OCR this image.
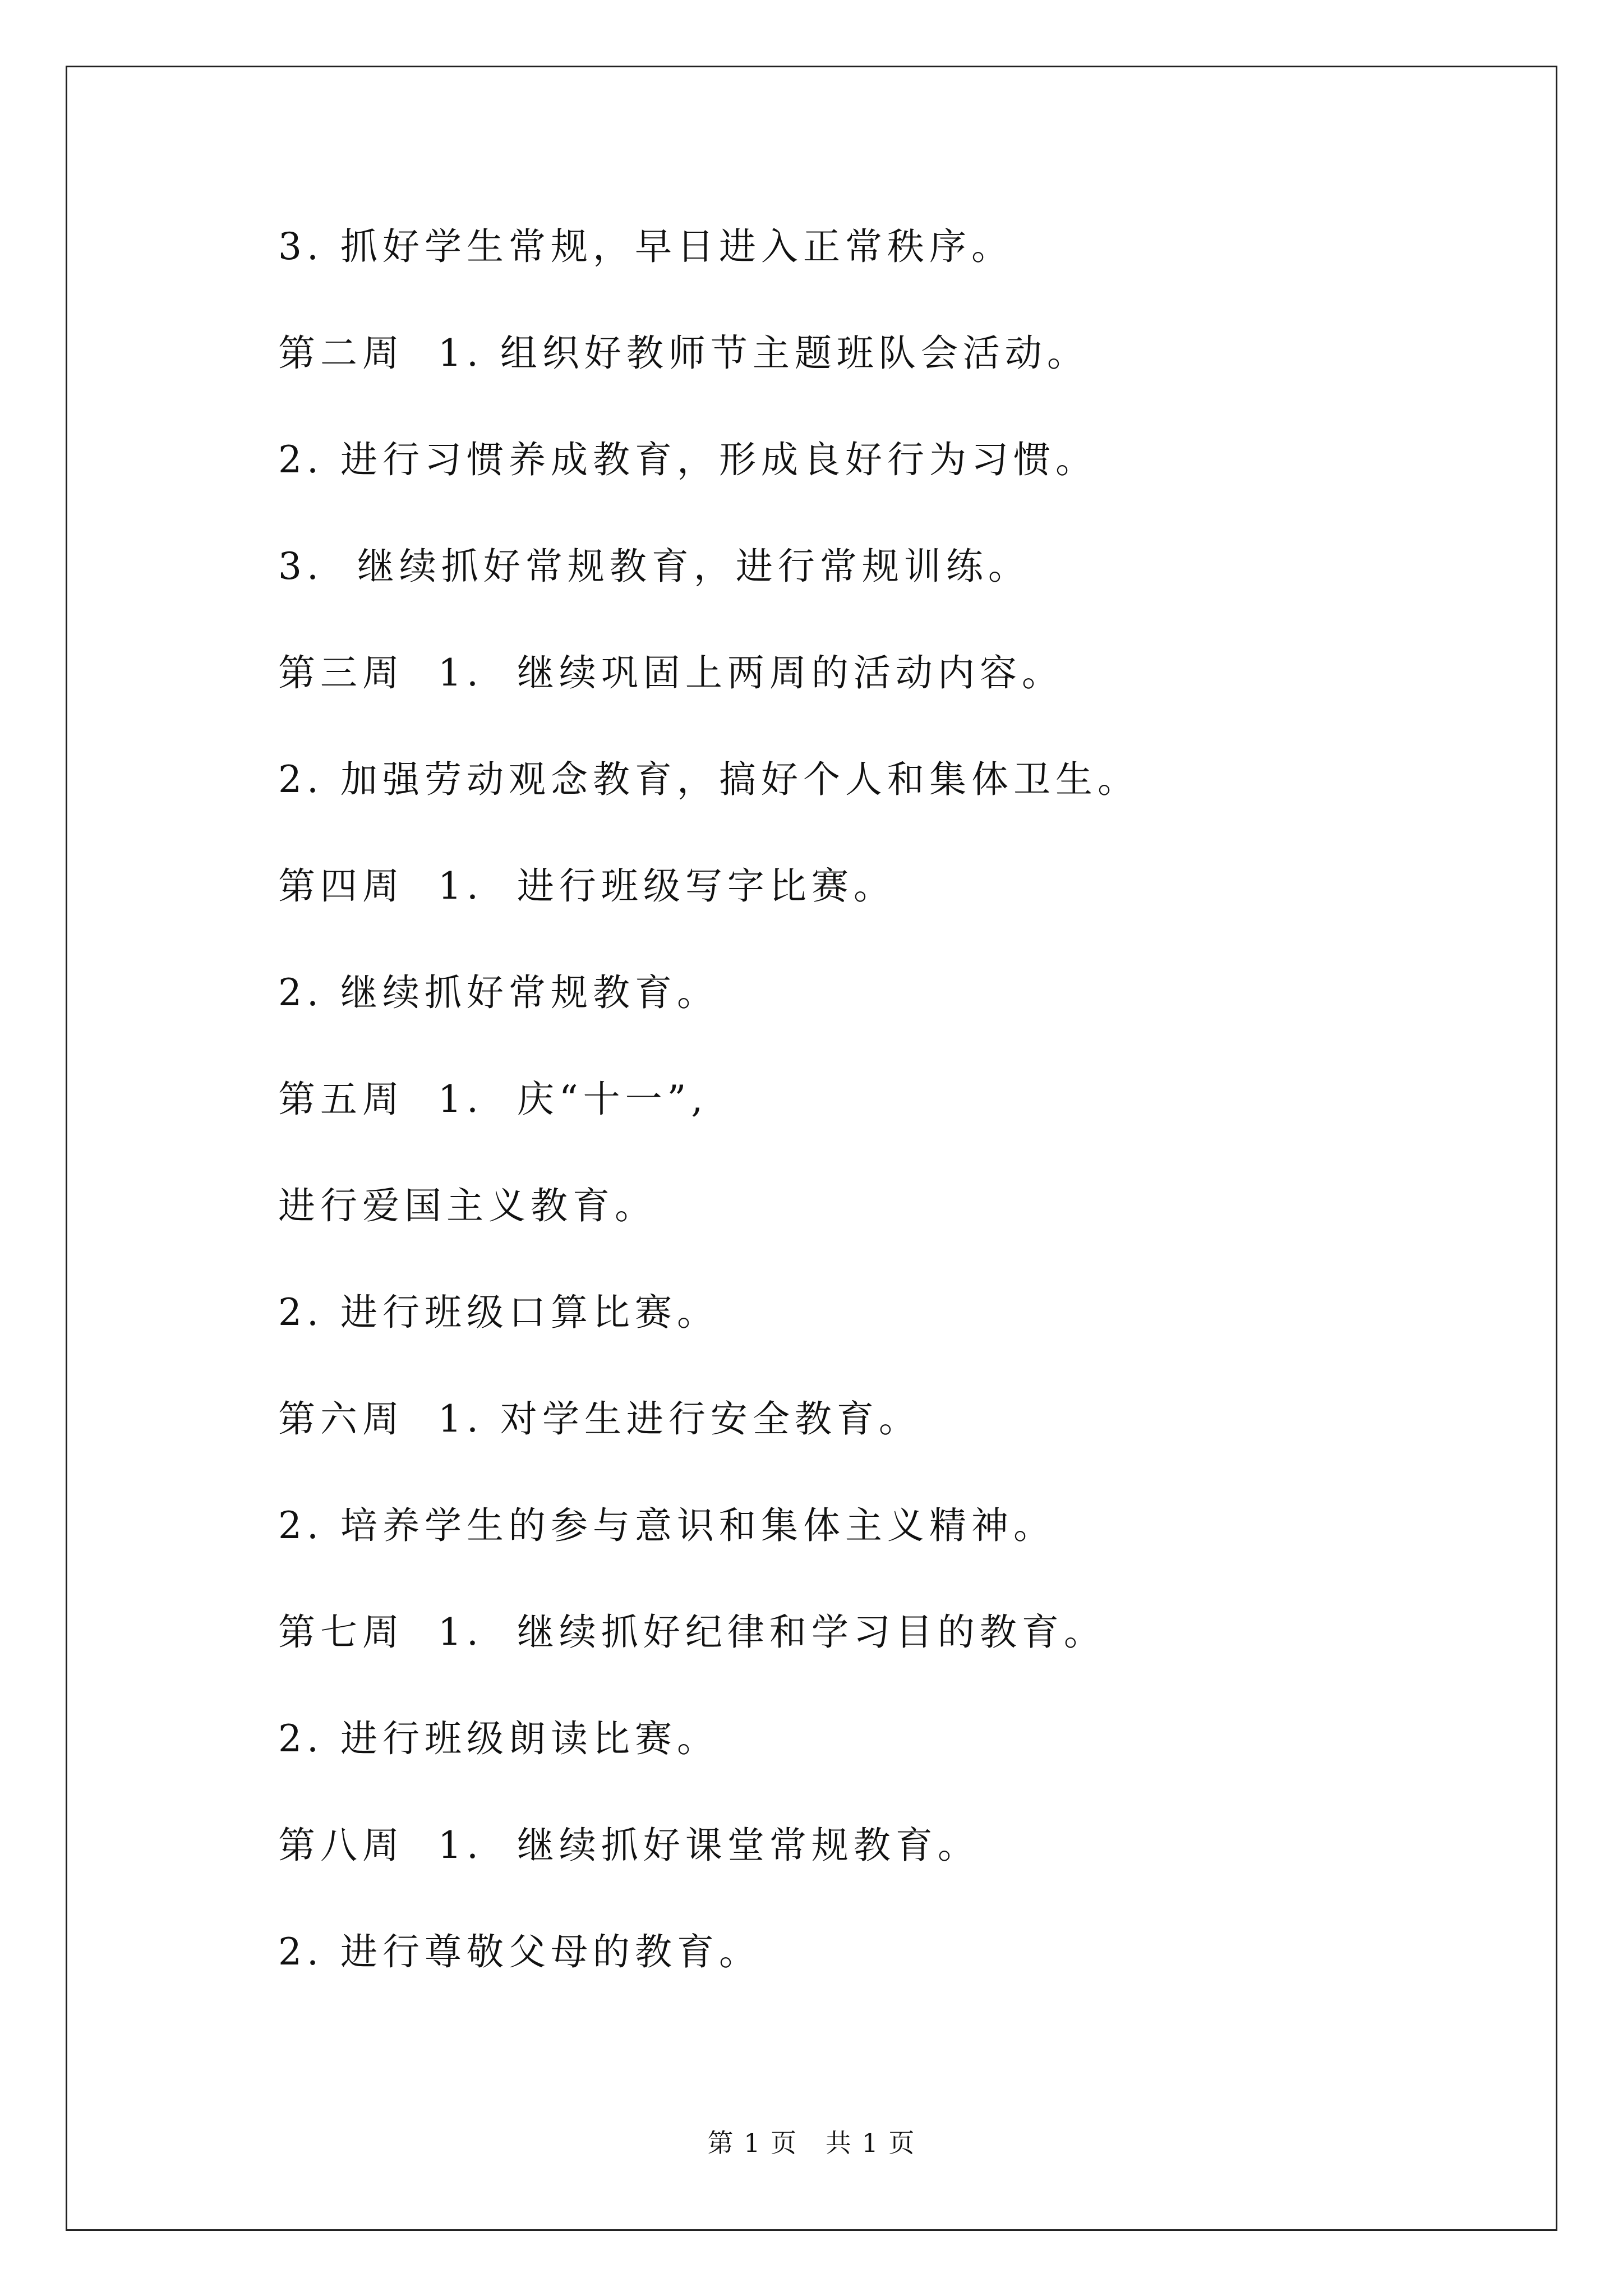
3. 抓好学生常规，早日进入正常秩序。
第二周  1. 组织好教师节主题班队会活动。
2. 进行习惯养成教育，形成良好行为习惯。
3.  继续抓好常规教育，进行常规训练。
第三周  1.  继续巩固上两周的活动内容。
2. 加强劳动观念教育，搞好个人和集体卫生。
第四周  1.  进行班级写字比赛。
2. 继续抓好常规教育。
第五周  1.  庆“十一”,
进行爱国主义教育。
2. 进行班级口算比赛。
第六周  1. 对学生进行安全教育。
2. 培养学生的参与意识和集体主义精神。
第七周  1.  继续抓好纪律和学习目的教育。
2. 进行班级朗读比赛。
第八周  1.  继续抓好课堂常规教育。
2. 进行尊敬父母的教育。
第 1 页   共 1 页
